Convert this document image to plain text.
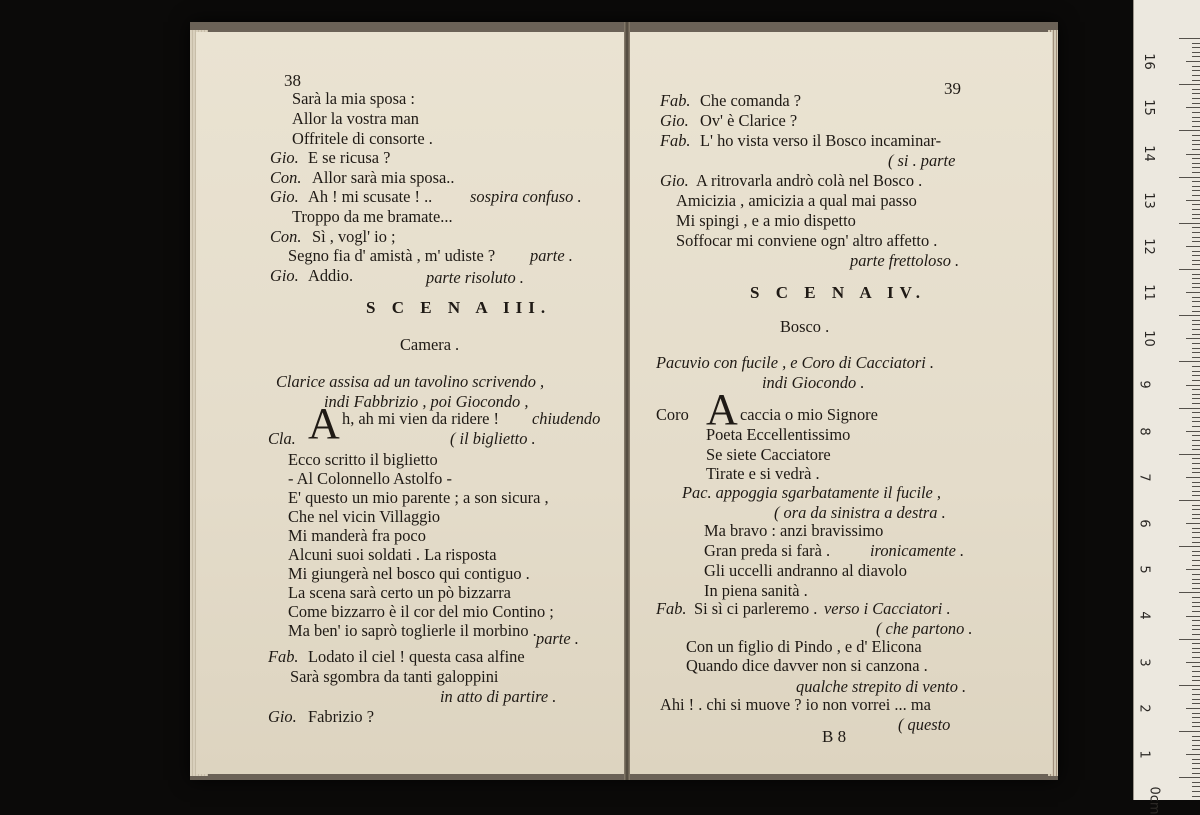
38
Sarà la mia sposa :
Allor la vostra man
Offritele di consorte .
Gio. E se ricusa ?
Con. Allor sarà mia sposa..
Gio. Ah ! mi scusate ! .. sospira confuso .
Troppo da me bramate...
Con. Sì , vogl' io ;
Segno fia d' amistà , m' udiste ? parte .
Gio. Addio.	parte risoluto .
S C E N A III.
Camera .
Clarice assisa ad un tavolino scrivendo ,
indi Fabbrizio , poi Giocondo ,
A h, ah mi vien da ridere ! chiudendo
Cla.	( il biglietto .
Ecco scritto il biglietto
- Al Colonnello Astolfo -
E' questo un mio parente ; a son sicura ,
Che nel vicin Villaggio
Mi manderà fra poco
Alcuni suoi soldati . La risposta
Mi giungerà nel bosco qui contiguo .
La scena sarà certo un pò bizzarra
Come bizzarro è il cor del mio Contino ;
Ma ben' io saprò toglierle il morbino . parte .
Fab. Lodato il ciel ! questa casa alfine
Sarà sgombra da tanti galoppini
in atto di partire .
Gio. Fabrizio ?
39
Fab. Che comanda ?
Gio. Ov' è Clarice ?
Fab. L' ho vista verso il Bosco incaminar-
( si . parte
Gio. A ritrovarla andrò colà nel Bosco .
Amicizia , amicizia a qual mai passo
Mi spingi , e a mio dispetto
Soffocar mi conviene ogn' altro affetto .
parte frettoloso .
S C E N A IV.
Bosco .
Pacuvio con fucile , e Coro di Cacciatori .
indi Giocondo .
Coro A caccia o mio Signore
Poeta Eccellentissimo
Se siete Cacciatore
Tirate e si vedrà .
Pac. appoggia sgarbatamente il fucile ,
( ora da sinistra a destra .
Ma bravo : anzi bravissimo
Gran preda si farà . ironicamente .
Gli uccelli andranno al diavolo
In piena sanità .
Fab. Si sì ci parleremo . verso i Cacciatori .
( che partono .
Con un figlio di Pindo , e d' Elicona
Quando dice davver non si canzona .
qualche strepito di vento .
Ahi ! . chi si muove ? io non vorrei ... ma
( questo
B 8
16
15
14
13
12
11
10
9
8
7
6
5
4
3
2
1
0cm
